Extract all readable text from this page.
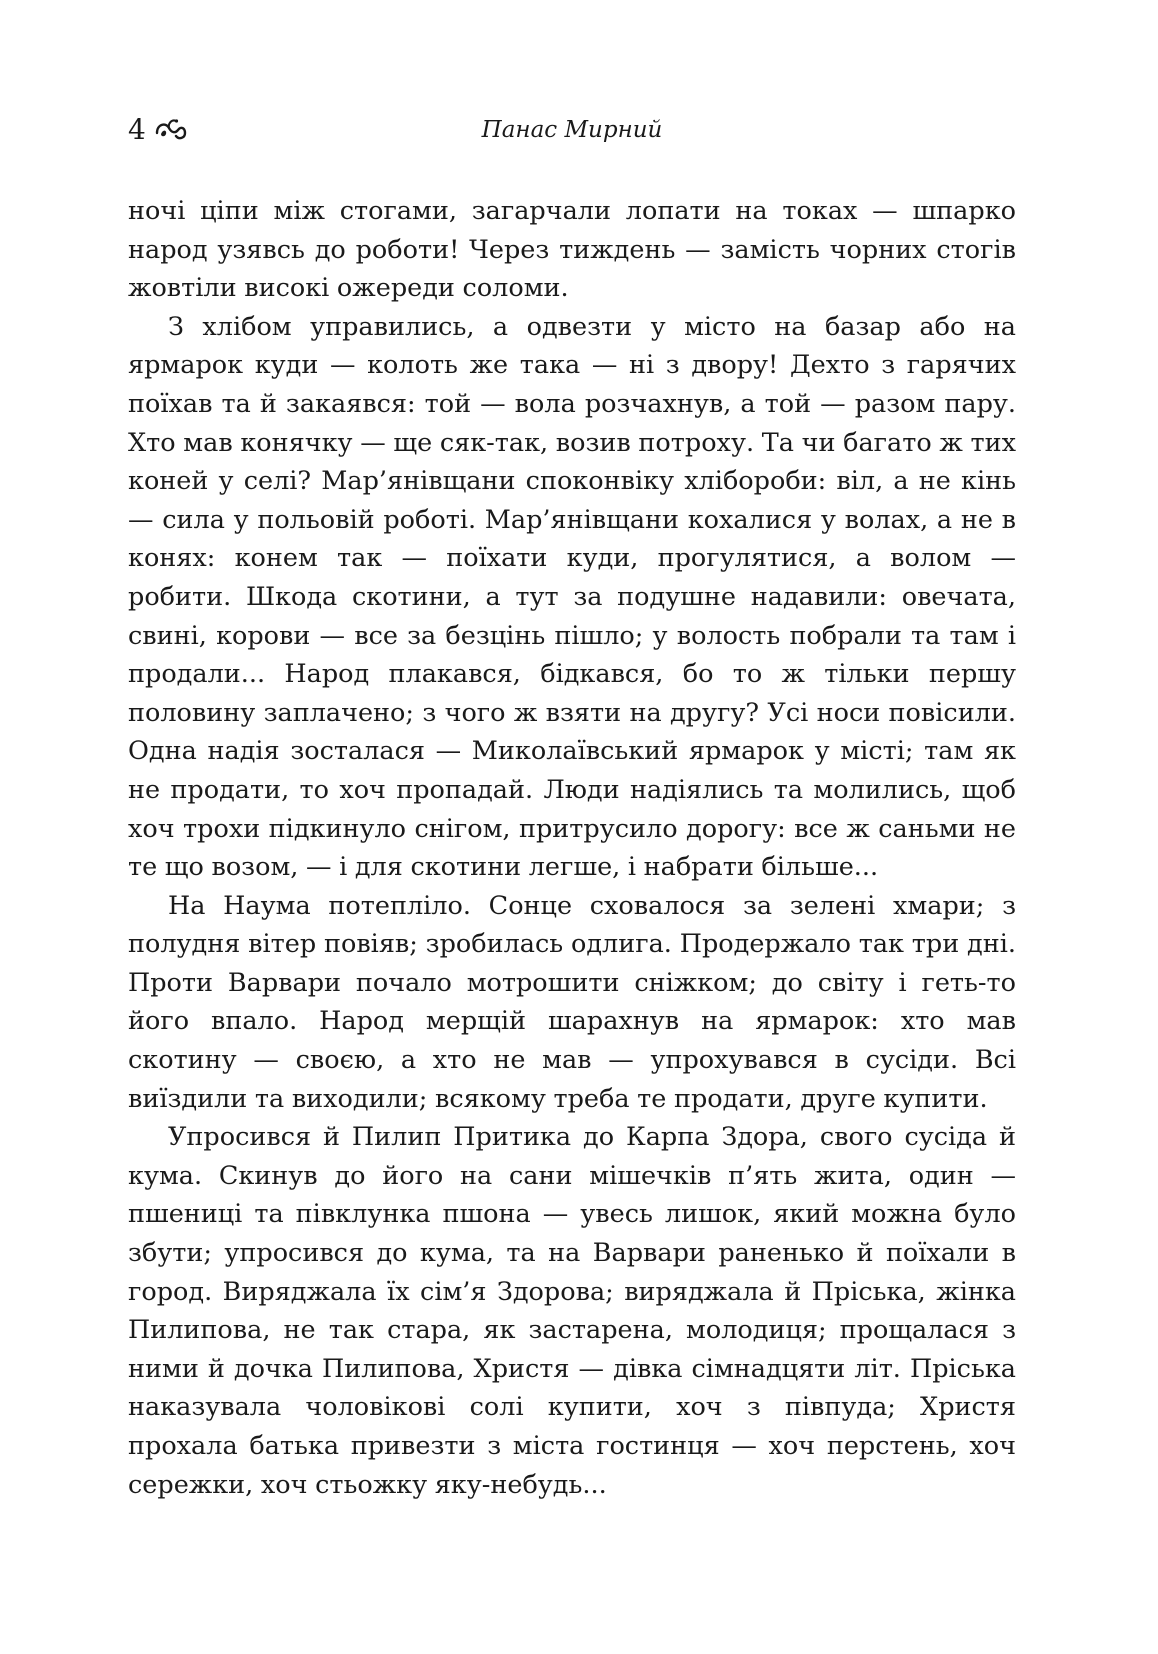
4	Панас Мирний

ночі ціпи між стогами, загарчали лопати на токах — шпарко народ узявсь до роботи! Через тиждень — замість чорних стогів жовтіли високі ожереди соломи.

З хлібом управились, а одвезти у місто на базар або на ярмарок куди — колоть же така — ні з двору! Дехто з гарячих поїхав та й закаявся: той — вола розчахнув, а той — разом пару. Хто мав конячку — ще сяк-так, возив потроху. Та чи багато ж тих коней у селі? Мар’янівщани споконвіку хлібороби: віл, а не кінь — сила у польовій роботі. Мар’янівщани кохалися у волах, а не в конях: конем так — поїхати куди, прогулятися, а волом — робити. Шкода скотини, а тут за подушне надавили: овечата, свині, корови — все за безцінь пішло; у волость побрали та там і продали... Народ плакався, бідкався, бо то ж тільки першу половину заплачено; з чого ж взяти на другу? Усі носи повісили. Одна надія зосталася — Миколаївський ярмарок у місті; там як не продати, то хоч пропадай. Люди надіялись та молились, щоб хоч трохи підкинуло снігом, притрусило дорогу: все ж саньми не те що возом, — і для скотини легше, і набрати більше...

На Наума потепліло. Сонце сховалося за зелені хмари; з полудня вітер повіяв; зробилась одлига. Продержало так три дні. Проти Варвари почало мотрошити сніжком; до світу і геть-то його впало. Народ мерщій шарахнув на ярмарок: хто мав скотину — своєю, а хто не мав — упрохувався в сусіди. Всі виїздили та виходили; всякому треба те продати, друге купити.

Упросився й Пилип Притика до Карпа Здора, свого сусіда й кума. Скинув до його на сани мішечків п’ять жита, один — пшениці та півклунка пшона — увесь лишок, який можна було збути; упросився до кума, та на Варвари раненько й поїхали в город. Виряджала їх сім’я Здорова; виряджала й Пріська, жінка Пилипова, не так стара, як застарена, молодиця; прощалася з ними й дочка Пилипова, Христя — дівка сімнадцяти літ. Пріська наказувала чоловікові солі купити, хоч з півпуда; Христя прохала батька привезти з міста гостинця — хоч перстень, хоч сережки, хоч стьожку яку-небудь...
